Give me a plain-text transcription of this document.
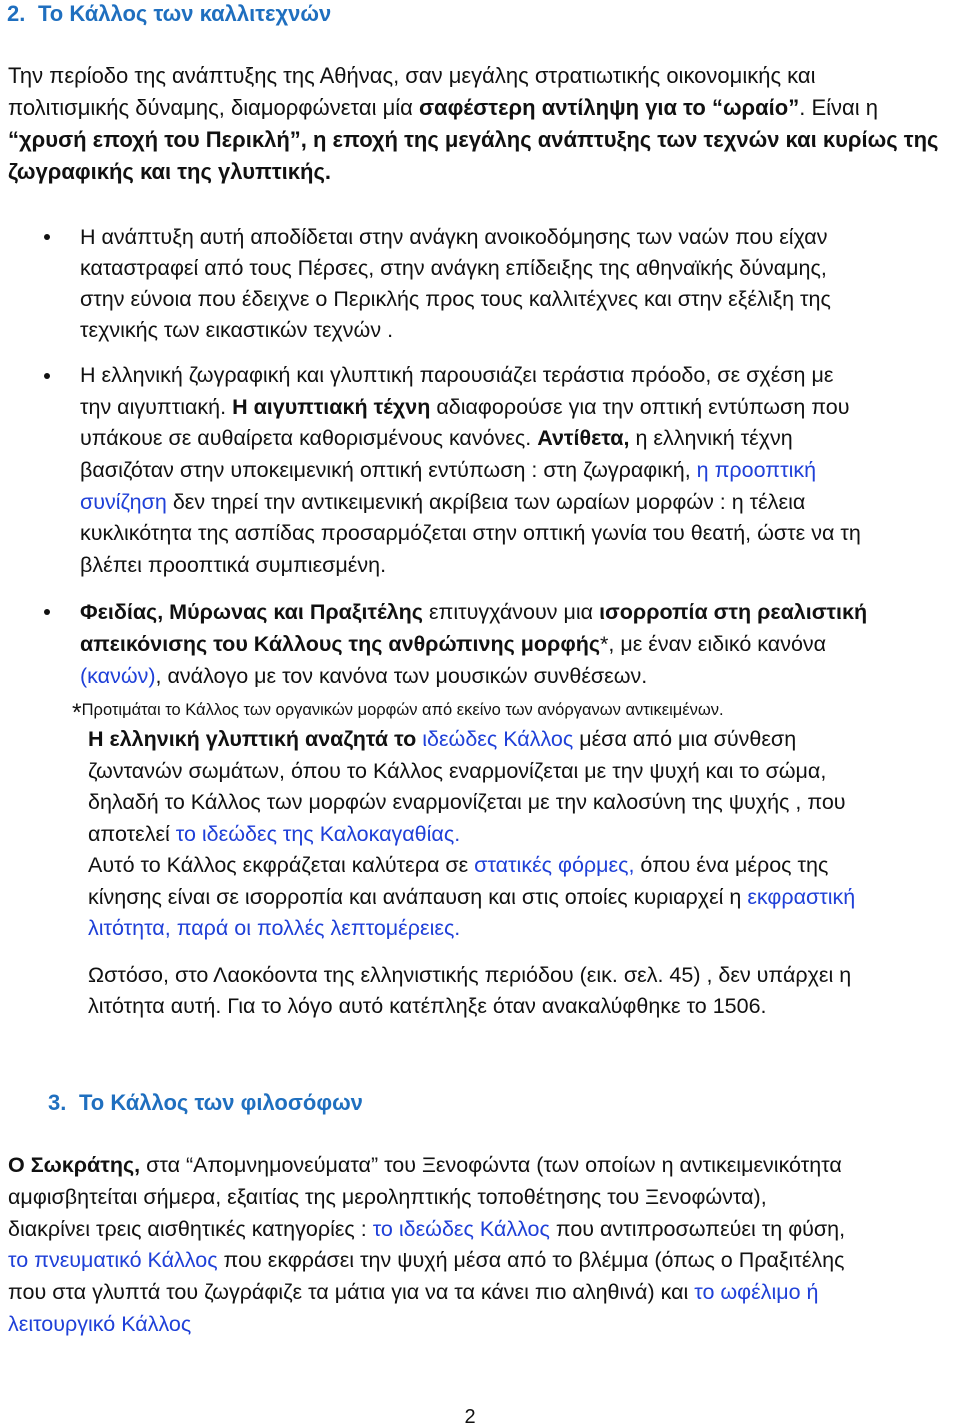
2. Το Κάλλος των καλλιτεχνών
Την περίοδο της ανάπτυξης της Αθήνας, σαν μεγάλης στρατιωτικής οικονομικής και
πολιτισμικής δύναμης, διαμορφώνεται μία σαφέστερη αντίληψη για το “ωραίο”. Είναι η
“χρυσή εποχή του Περικλή”, η εποχή της μεγάλης ανάπτυξης των τεχνών και κυρίως της
ζωγραφικής και της γλυπτικής.
Η ανάπτυξη αυτή αποδίδεται στην ανάγκη ανοικοδόμησης των ναών που είχαν
καταστραφεί από τους Πέρσες, στην ανάγκη επίδειξης της αθηναϊκής δύναμης,
στην εύνοια που έδειχνε ο Περικλής προς τους καλλιτέχνες και στην εξέλιξη της
τεχνικής των εικαστικών τεχνών .
Η ελληνική ζωγραφική και γλυπτική παρουσιάζει τεράστια πρόοδο, σε σχέση με
την αιγυπτιακή. Η αιγυπτιακή τέχνη αδιαφορούσε για την οπτική εντύπωση που
υπάκουε σε αυθαίρετα καθορισμένους κανόνες. Αντίθετα, η ελληνική τέχνη
βασιζόταν στην υποκειμενική οπτική εντύπωση : στη ζωγραφική, η προοπτική
συνίζηση δεν τηρεί την αντικειμενική ακρίβεια των ωραίων μορφών : η τέλεια
κυκλικότητα της ασπίδας προσαρμόζεται στην οπτική γωνία του θεατή, ώστε να τη
βλέπει προοπτικά συμπιεσμένη.
Φειδίας, Μύρωνας και Πραξιτέλης επιτυγχάνουν μια ισορροπία στη ρεαλιστική
απεικόνισης του Κάλλους της ανθρώπινης μορφής*, με έναν ειδικό κανόνα
(κανών), ανάλογο με τον κανόνα των μουσικών συνθέσεων.
*Προτιμάται το Κάλλος των οργανικών μορφών από εκείνο των ανόργανων αντικειμένων.
Η ελληνική γλυπτική αναζητά το ιδεώδες Κάλλος μέσα από μια σύνθεση
ζωντανών σωμάτων, όπου το Κάλλος εναρμονίζεται με την ψυχή και το σώμα,
δηλαδή το Κάλλος των μορφών εναρμονίζεται με την καλοσύνη της ψυχής , που
αποτελεί το ιδεώδες της Καλοκαγαθίας.
Αυτό το Κάλλος εκφράζεται καλύτερα σε στατικές φόρμες, όπου ένα μέρος της
κίνησης είναι σε ισορροπία και ανάπαυση και στις οποίες κυριαρχεί η εκφραστική
λιτότητα, παρά οι πολλές λεπτομέρειες.
Ωστόσο, στο Λαοκόοντα της ελληνιστικής περιόδου (εικ. σελ. 45) , δεν υπάρχει η
λιτότητα αυτή. Για το λόγο αυτό κατέπληξε όταν ανακαλύφθηκε το 1506.
3. Το Κάλλος των φιλοσόφων
Ο Σωκράτης, στα “Απομνημονεύματα” του Ξενοφώντα (των οποίων η αντικειμενικότητα
αμφισβητείται σήμερα, εξαιτίας της μεροληπτικής τοποθέτησης του Ξενοφώντα),
διακρίνει τρεις αισθητικές κατηγορίες : το ιδεώδες Κάλλος που αντιπροσωπεύει τη φύση,
το πνευματικό Κάλλος που εκφράσει την ψυχή μέσα από το βλέμμα (όπως ο Πραξιτέλης
που στα γλυπτά του ζωγράφιζε τα μάτια για να τα κάνει πιο αληθινά) και το ωφέλιμο ή
λειτουργικό Κάλλος
2
